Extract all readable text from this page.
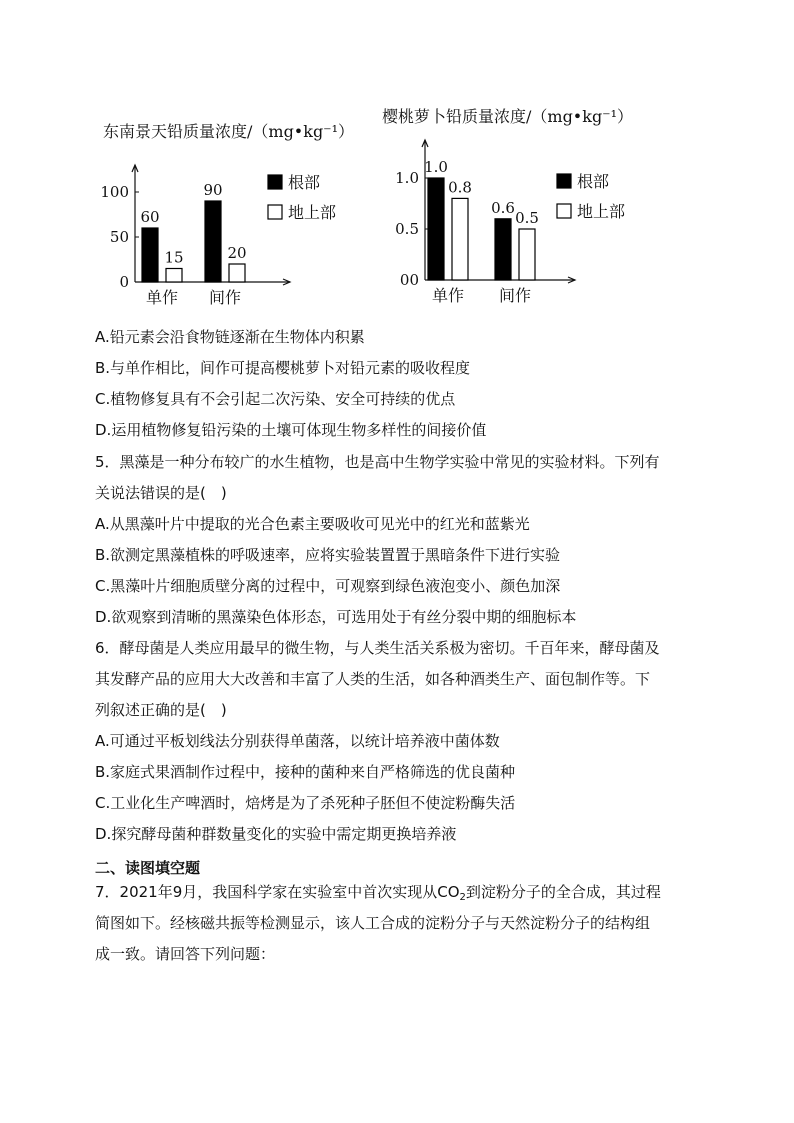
东南景天铅质量浓度/（mg•kg⁻¹）
0
50
100
60
15
单作
90
20
间作
根部
地上部
樱桃萝卜铅质量浓度/（mg•kg⁻¹）
00
0.5
1.0
1.0
0.8
单作
0.6
0.5
间作
根部
地上部
A.铅元素会沿食物链逐渐在生物体内积累
B.与单作相比，间作可提高樱桃萝卜对铅元素的吸收程度
C.植物修复具有不会引起二次污染、安全可持续的优点
D.运用植物修复铅污染的土壤可体现生物多样性的间接价值
5．黑藻是一种分布较广的水生植物，也是高中生物学实验中常见的实验材料。下列有
关说法错误的是(　)
A.从黑藻叶片中提取的光合色素主要吸收可见光中的红光和蓝紫光
B.欲测定黑藻植株的呼吸速率，应将实验装置置于黑暗条件下进行实验
C.黑藻叶片细胞质壁分离的过程中，可观察到绿色液泡变小、颜色加深
D.欲观察到清晰的黑藻染色体形态，可选用处于有丝分裂中期的细胞标本
6．酵母菌是人类应用最早的微生物，与人类生活关系极为密切。千百年来，酵母菌及
其发酵产品的应用大大改善和丰富了人类的生活，如各种酒类生产、面包制作等。下
列叙述正确的是(　)
A.可通过平板划线法分别获得单菌落，以统计培养液中菌体数
B.家庭式果酒制作过程中，接种的菌种来自严格筛选的优良菌种
C.工业化生产啤酒时，焙烤是为了杀死种子胚但不使淀粉酶失活
D.探究酵母菌种群数量变化的实验中需定期更换培养液
二、读图填空题
7．2021年9月，我国科学家在实验室中首次实现从$CO_2$到淀粉分子的全合成，其过程
简图如下。经核磁共振等检测显示，该人工合成的淀粉分子与天然淀粉分子的结构组
成一致。请回答下列问题：
